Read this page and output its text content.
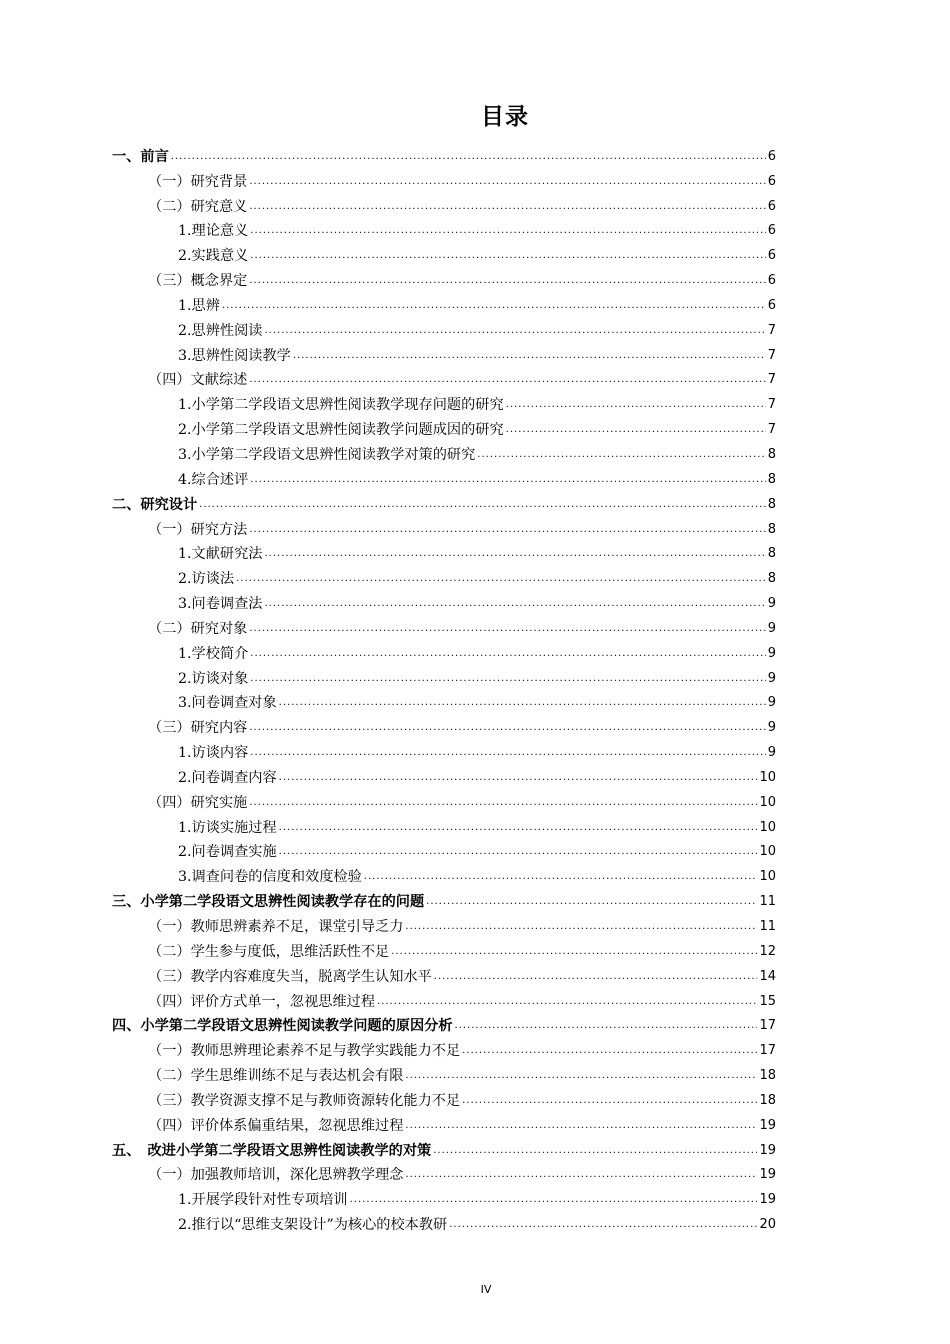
目录
一、前言 .....	6
（一）研究背景 .....	6
（二）研究意义 .....	6
1.理论意义 .....	6
2.实践意义 .....	6
（三）概念界定 .....	6
1.思辨 .....	6
2.思辨性阅读 .....	7
3.思辨性阅读教学 .....	7
（四）文献综述 .....	7
1.小学第二学段语文思辨性阅读教学现存问题的研究 .....	7
2.小学第二学段语文思辨性阅读教学问题成因的研究 .....	7
3.小学第二学段语文思辨性阅读教学对策的研究 .....	8
4.综合述评 .....	8
二、研究设计 .....	8
（一）研究方法 .....	8
1.文献研究法 .....	8
2.访谈法 .....	8
3.问卷调查法 .....	9
（二）研究对象 .....	9
1.学校简介 .....	9
2.访谈对象 .....	9
3.问卷调查对象 .....	9
（三）研究内容 .....	9
1.访谈内容 .....	9
2.问卷调查内容 .....	10
（四）研究实施 .....	10
1.访谈实施过程 .....	10
2.问卷调查实施 .....	10
3.调查问卷的信度和效度检验 .....	10
三、小学第二学段语文思辨性阅读教学存在的问题 .....	11
（一）教师思辨素养不足，课堂引导乏力 .....	11
（二）学生参与度低，思维活跃性不足 .....	12
（三）教学内容难度失当，脱离学生认知水平 .....	14
（四）评价方式单一，忽视思维过程 .....	15
四、小学第二学段语文思辨性阅读教学问题的原因分析 .....	17
（一）教师思辨理论素养不足与教学实践能力不足 .....	17
（二）学生思维训练不足与表达机会有限 .....	18
（三）教学资源支撑不足与教师资源转化能力不足 .....	18
（四）评价体系偏重结果，忽视思维过程 .....	19
五、　改进小学第二学段语文思辨性阅读教学的对策 .....	19
（一）加强教师培训，深化思辨教学理念 .....	19
1.开展学段针对性专项培训 .....	19
2.推行以“思维支架设计”为核心的校本教研 .....	20
IV
